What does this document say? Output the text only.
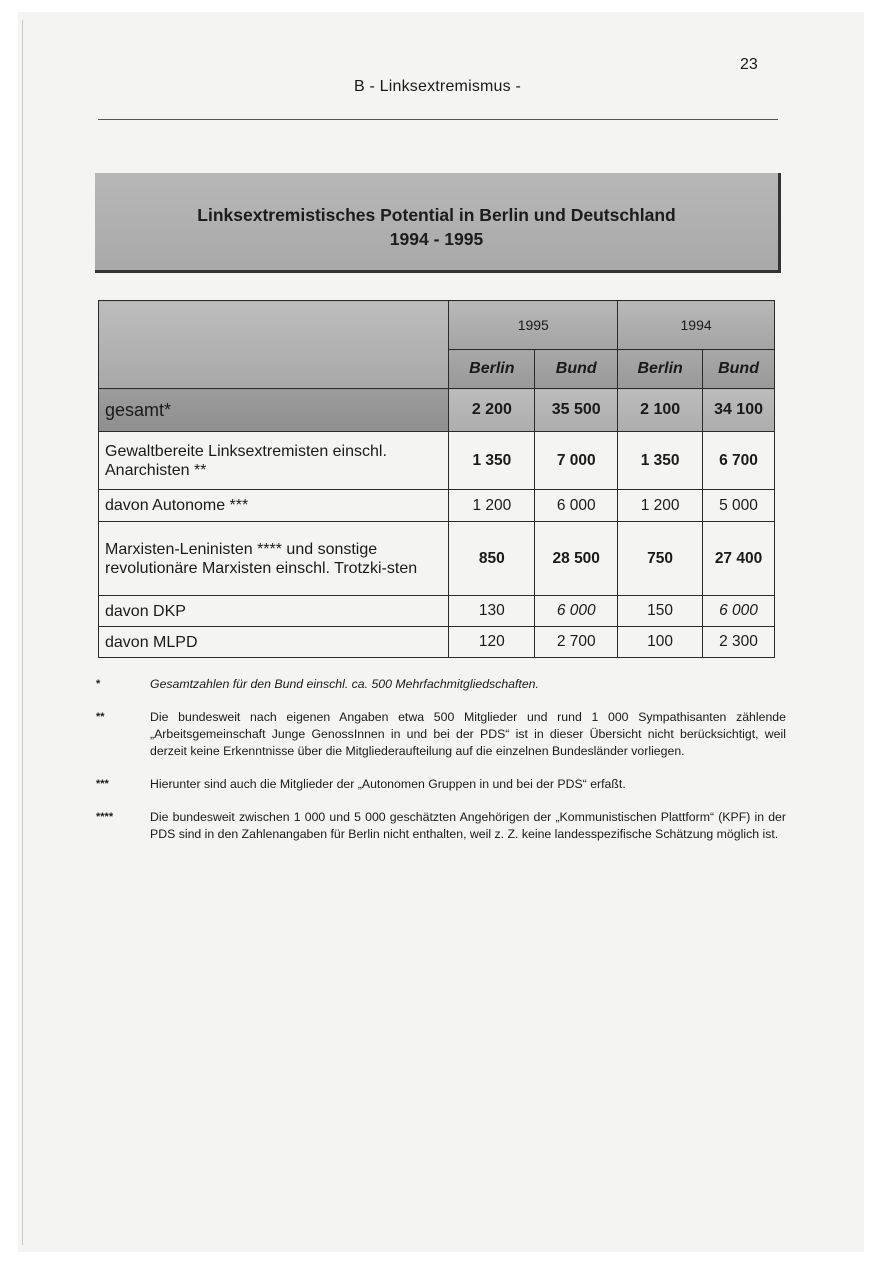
23
B - Linksextremismus -
Linksextremistisches Potential in Berlin und Deutschland
1994 - 1995
	1995		1994	
	Berlin	Bund	Berlin	Bund
gesamt*	2 200	35 500	2 100	34 100
Gewaltbereite Linksextremisten einschl. Anarchisten **	1 350	7 000	1 350	6 700
davon Autonome ***	1 200	6 000	1 200	5 000
Marxisten-Leninisten **** und sonstige revolutionäre Marxisten einschl. Trotzki-sten	850	28 500	750	27 400
davon DKP	130	6 000	150	6 000
davon MLPD	120	2 700	100	2 300
*	Gesamtzahlen für den Bund einschl. ca. 500 Mehrfachmitgliedschaften.
**	Die bundesweit nach eigenen Angaben etwa 500 Mitglieder und rund 1 000 Sympathisanten zählende „Arbeitsgemeinschaft Junge GenossInnen in und bei der PDS“ ist in dieser Übersicht nicht berücksichtigt, weil derzeit keine Erkenntnisse über die Mitgliederaufteilung auf die einzelnen Bundesländer vorliegen.
***	Hierunter sind auch die Mitglieder der „Autonomen Gruppen in und bei der PDS“ erfaßt.
****	Die bundesweit zwischen 1 000 und 5 000 geschätzten Angehörigen der „Kommunistischen Plattform“ (KPF) in der PDS sind in den Zahlenangaben für Berlin nicht enthalten, weil z. Z. keine landesspezifische Schätzung möglich ist.
